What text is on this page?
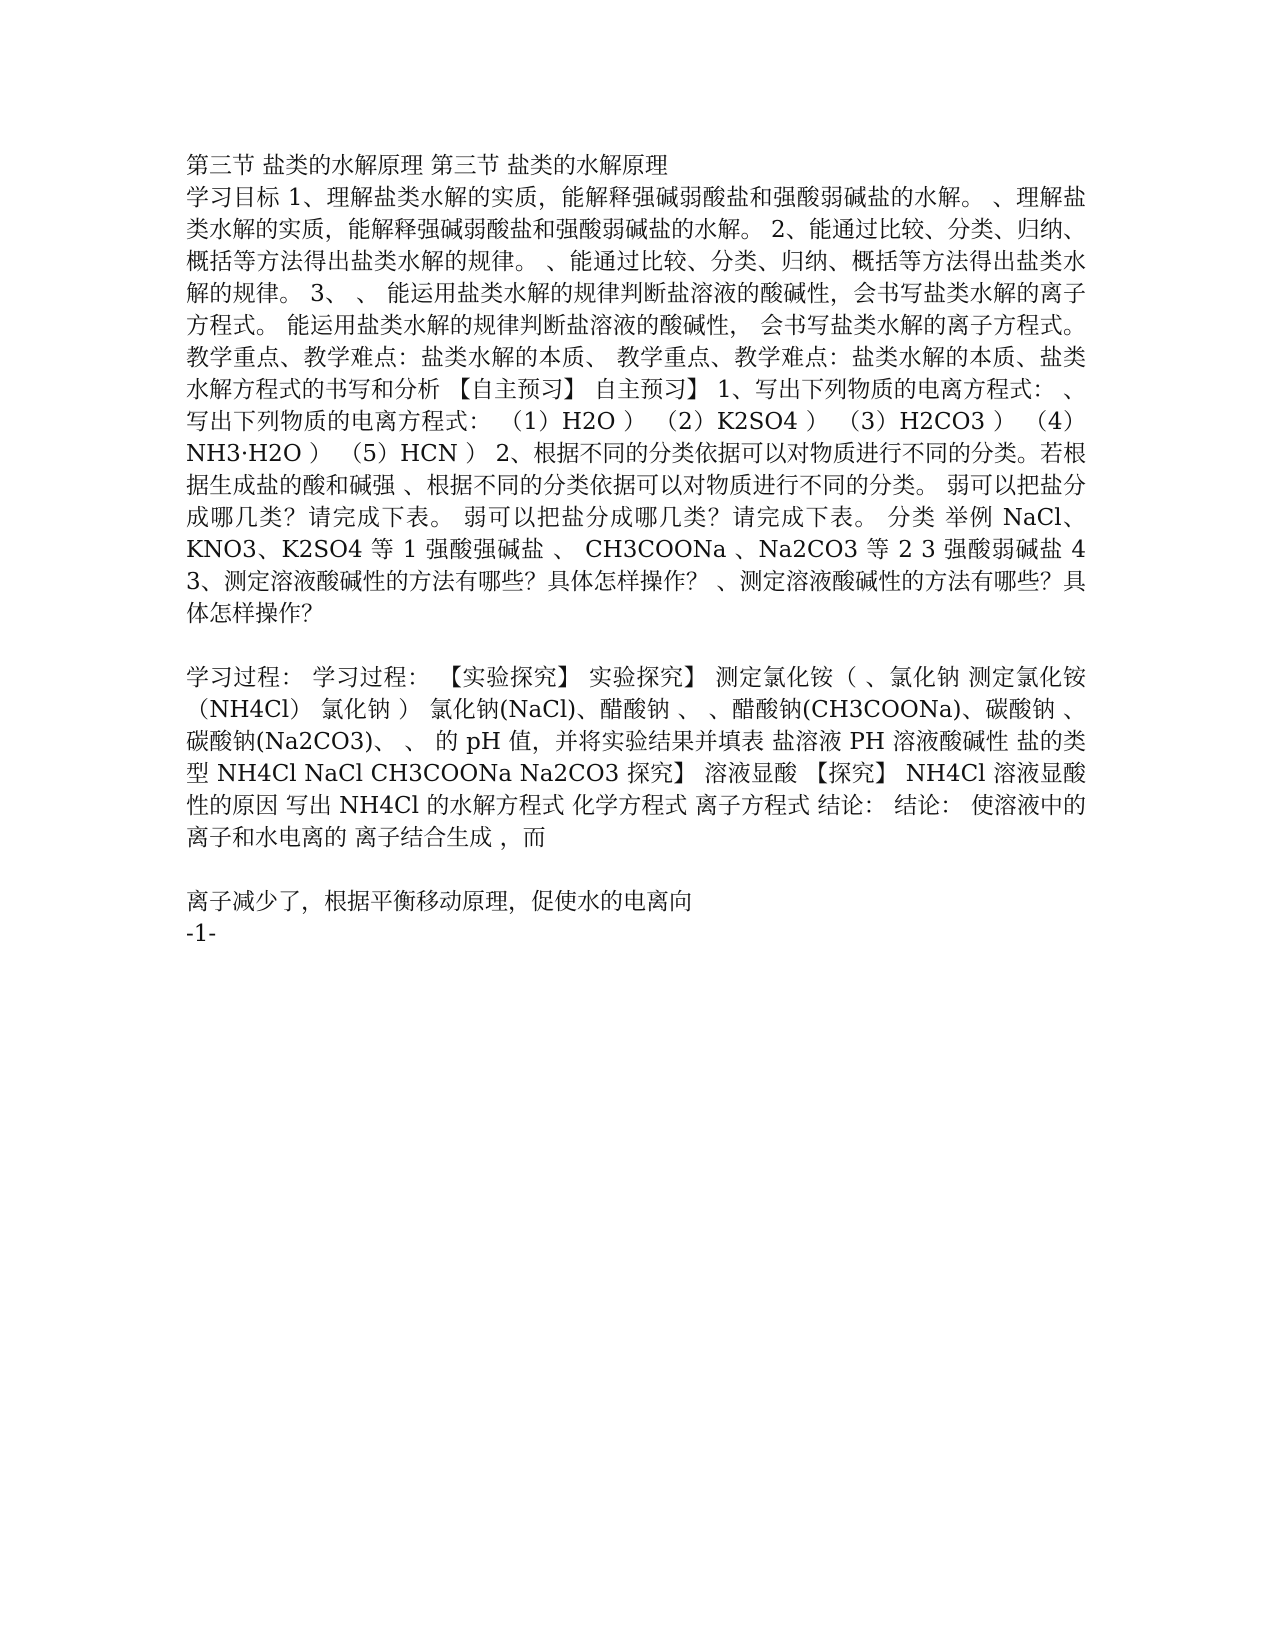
第三节 盐类的水解原理 第三节 盐类的水解原理

学习目标 1、理解盐类水解的实质，能解释强碱弱酸盐和强酸弱碱盐的水解。 、理解盐类水解的实质，能解释强碱弱酸盐和强酸弱碱盐的水解。 2、能通过比较、分类、归纳、概括等方法得出盐类水解的规律。 、能通过比较、分类、归纳、概括等方法得出盐类水解的规律。 3、 、 能运用盐类水解的规律判断盐溶液的酸碱性，会书写盐类水解的离子方程式。 能运用盐类水解的规律判断盐溶液的酸碱性， 会书写盐类水解的离子方程式。 教学重点、教学难点：盐类水解的本质、 教学重点、教学难点：盐类水解的本质、盐类水解方程式的书写和分析 【自主预习】 自主预习】 1、写出下列物质的电离方程式： 、写出下列物质的电离方程式： （1）H2O ） （2）K2SO4 ） （3）H2CO3 ） （4）NH3·H2O ） （5）HCN ） 2、根据不同的分类依据可以对物质进行不同的分类。若根据生成盐的酸和碱强 、根据不同的分类依据可以对物质进行不同的分类。 弱可以把盐分成哪几类？请完成下表。 弱可以把盐分成哪几类？请完成下表。 分类 举例 NaCl、KNO3、K2SO4 等 1 强酸强碱盐 、 CH3COONa 、Na2CO3 等 2 3 强酸弱碱盐 4 3、测定溶液酸碱性的方法有哪些？具体怎样操作？ 、测定溶液酸碱性的方法有哪些？具体怎样操作？

学习过程： 学习过程： 【实验探究】 实验探究】 测定氯化铵（ 、氯化钠 测定氯化铵（NH4Cl） 氯化钠 ） 氯化钠(NaCl)、醋酸钠 、 、醋酸钠(CH3COONa)、碳酸钠 、碳酸钠(Na2CO3)、 、 的 pH 值，并将实验结果并填表 盐溶液 PH 溶液酸碱性 盐的类型 NH4Cl NaCl CH3COONa Na2CO3 探究】 溶液显酸 【探究】 NH4Cl 溶液显酸性的原因 写出 NH4Cl 的水解方程式 化学方程式 离子方程式 结论： 结论： 使溶液中的 离子和水电离的 离子结合生成 ，而

离子减少了，根据平衡移动原理，促使水的电离向

-1-
